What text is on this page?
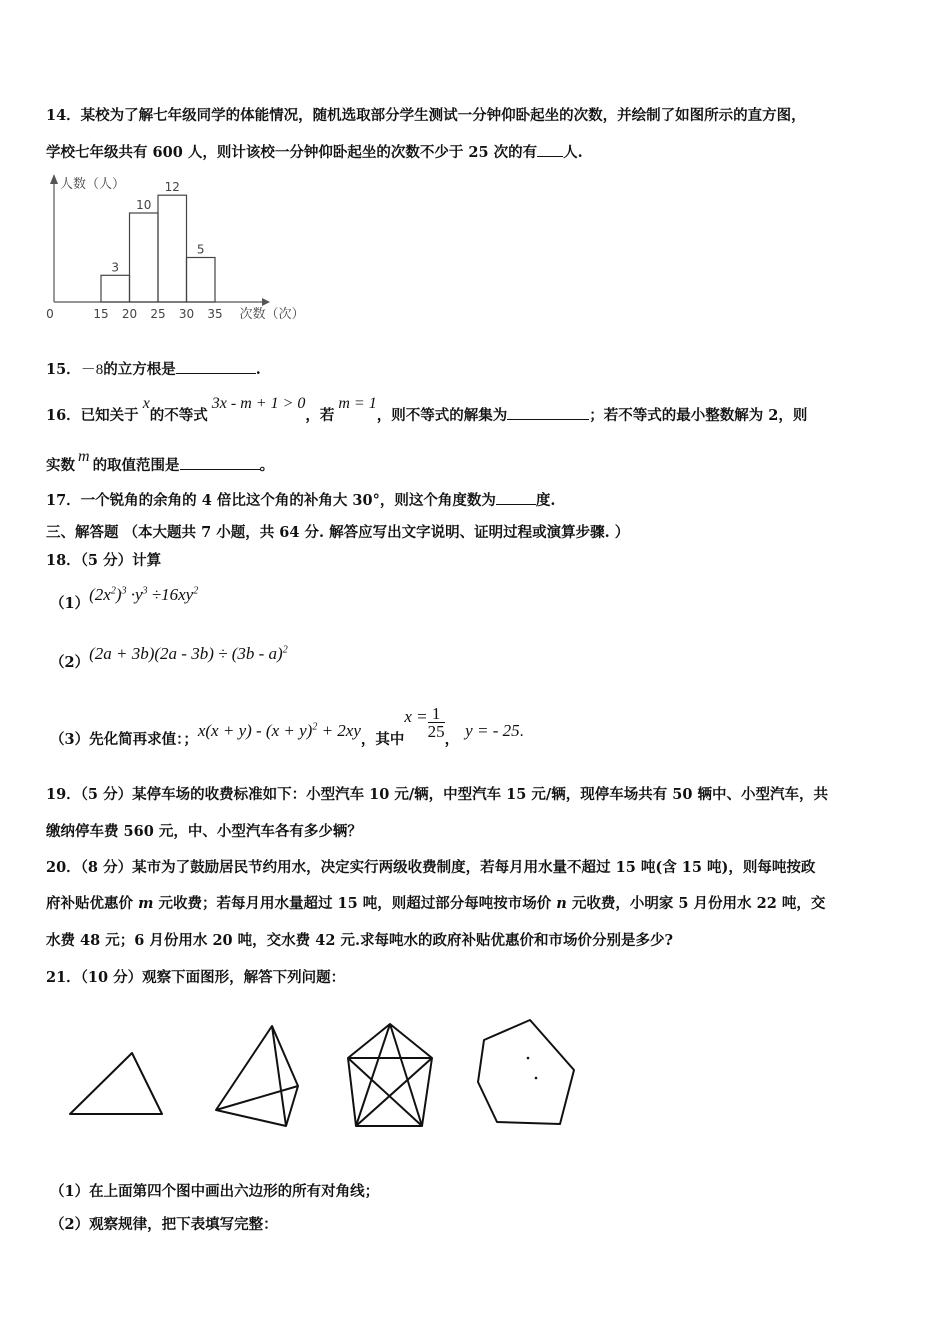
14．某校为了解七年级同学的体能情况，随机选取部分学生测试一分钟仰卧起坐的次数，并绘制了如图所示的直方图，
学校七年级共有 600 人，则计该校一分钟仰卧起坐的次数不少于 25 次的有 人.
人数（人）
0
3
10
12
5
15 20 25 30 35 次数（次）
15．－8的立方根是	.
16．已知关于x的不等式3x - m + 1 > 0，若m = 1，则不等式的解集为	；若不等式的最小整数解为 2，则
实数m的取值范围是	。
17．一个锐角的余角的 4 倍比这个角的补角大 30°，则这个角度数为	度.
三、解答题 （本大题共 7 小题，共 64 分. 解答应写出文字说明、证明过程或演算步骤. ）
18．（5 分）计算
$(1)(2x^2)^3 \cdot y^3 \div 16xy^2$
（2）(2a + 3b)(2a - 3b) ÷ (3b - a)$^2$
（3）先化简再求值：；$x(x + y) - (x + y)^2 + 2xy$，其中$x = \frac{1}{25}$ ， y = - 25.
19．（5 分）某停车场的收费标准如下：小型汽车 10 元/辆，中型汽车 15 元/辆，现停车场共有 50 辆中、小型汽车，共
缴纳停车费 560 元，中、小型汽车各有多少辆？
20．（8 分）某市为了鼓励居民节约用水，决定实行两级收费制度，若每月用水量不超过 15 吨(含 15 吨)，则每吨按政
府补贴优惠价 m 元收费；若每月用水量超过 15 吨，则超过部分每吨按市场价 n 元收费，小明家 5 月份用水 22 吨，交
水费 48 元；6 月份用水 20 吨，交水费 42 元.求每吨水的政府补贴优惠价和市场价分别是多少?
21．（10 分）观察下面图形，解答下列问题：
（1）在上面第四个图中画出六边形的所有对角线；
（2）观察规律，把下表填写完整：
